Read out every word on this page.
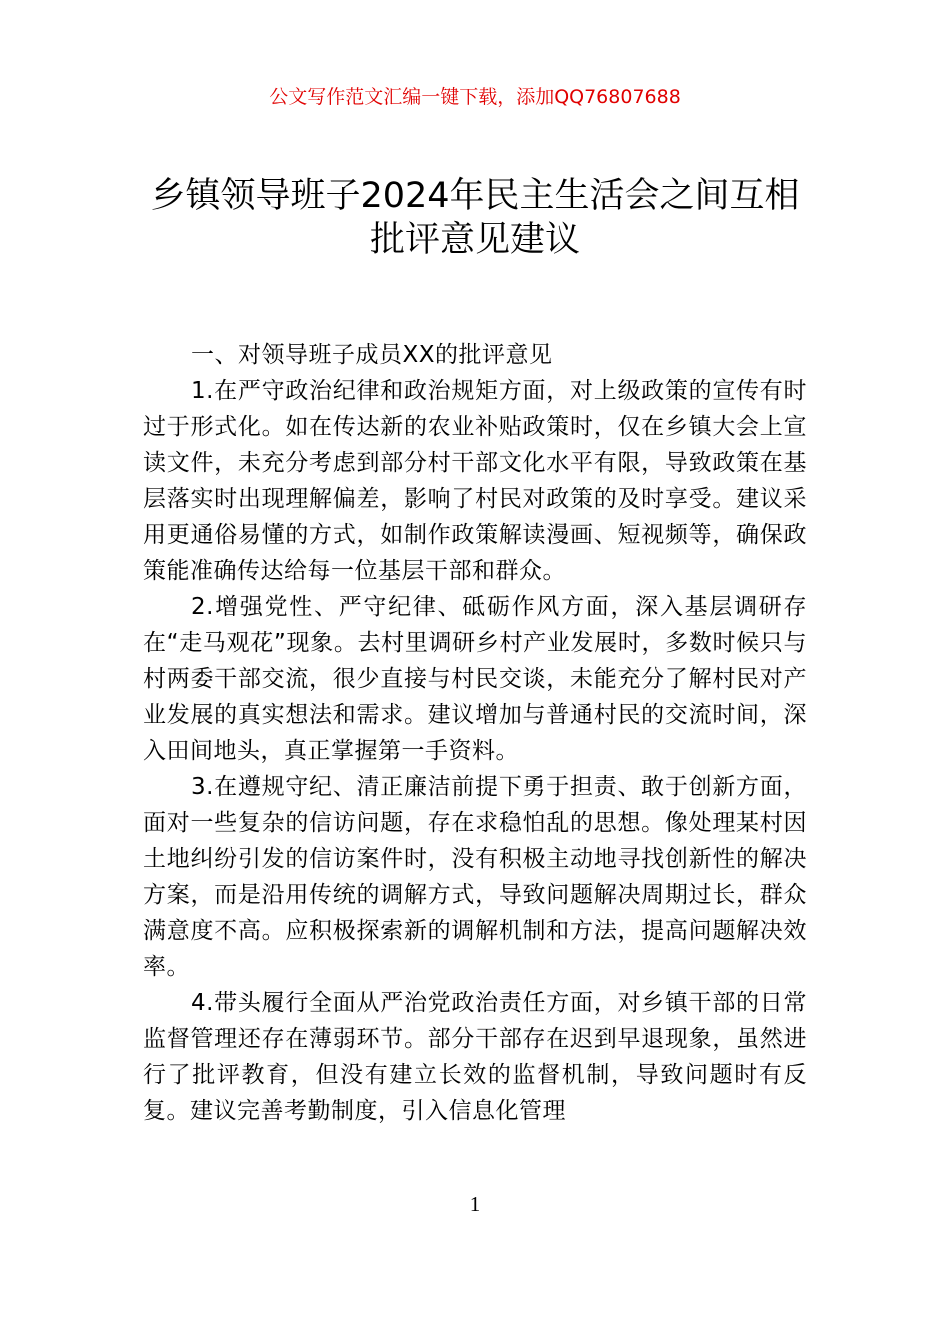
公文写作范文汇编一键下载，添加QQ76807688
乡镇领导班子2024年民主生活会之间互相
批评意见建议

一、对领导班子成员XX的批评意见

1.在严守政治纪律和政治规矩方面，对上级政策的宣传有时过于形式化。如在传达新的农业补贴政策时，仅在乡镇大会上宣读文件，未充分考虑到部分村干部文化水平有限，导致政策在基层落实时出现理解偏差，影响了村民对政策的及时享受。建议采用更通俗易懂的方式，如制作政策解读漫画、短视频等，确保政策能准确传达给每一位基层干部和群众。

2.增强党性、严守纪律、砥砺作风方面，深入基层调研存在“走马观花”现象。去村里调研乡村产业发展时，多数时候只与村两委干部交流，很少直接与村民交谈，未能充分了解村民对产业发展的真实想法和需求。建议增加与普通村民的交流时间，深入田间地头，真正掌握第一手资料。

3.在遵规守纪、清正廉洁前提下勇于担责、敢于创新方面，面对一些复杂的信访问题，存在求稳怕乱的思想。像处理某村因土地纠纷引发的信访案件时，没有积极主动地寻找创新性的解决方案，而是沿用传统的调解方式，导致问题解决周期过长，群众满意度不高。应积极探索新的调解机制和方法，提高问题解决效率。

4.带头履行全面从严治党政治责任方面，对乡镇干部的日常监督管理还存在薄弱环节。部分干部存在迟到早退现象，虽然进行了批评教育，但没有建立长效的监督机制，导致问题时有反复。建议完善考勤制度，引入信息化管理

1
